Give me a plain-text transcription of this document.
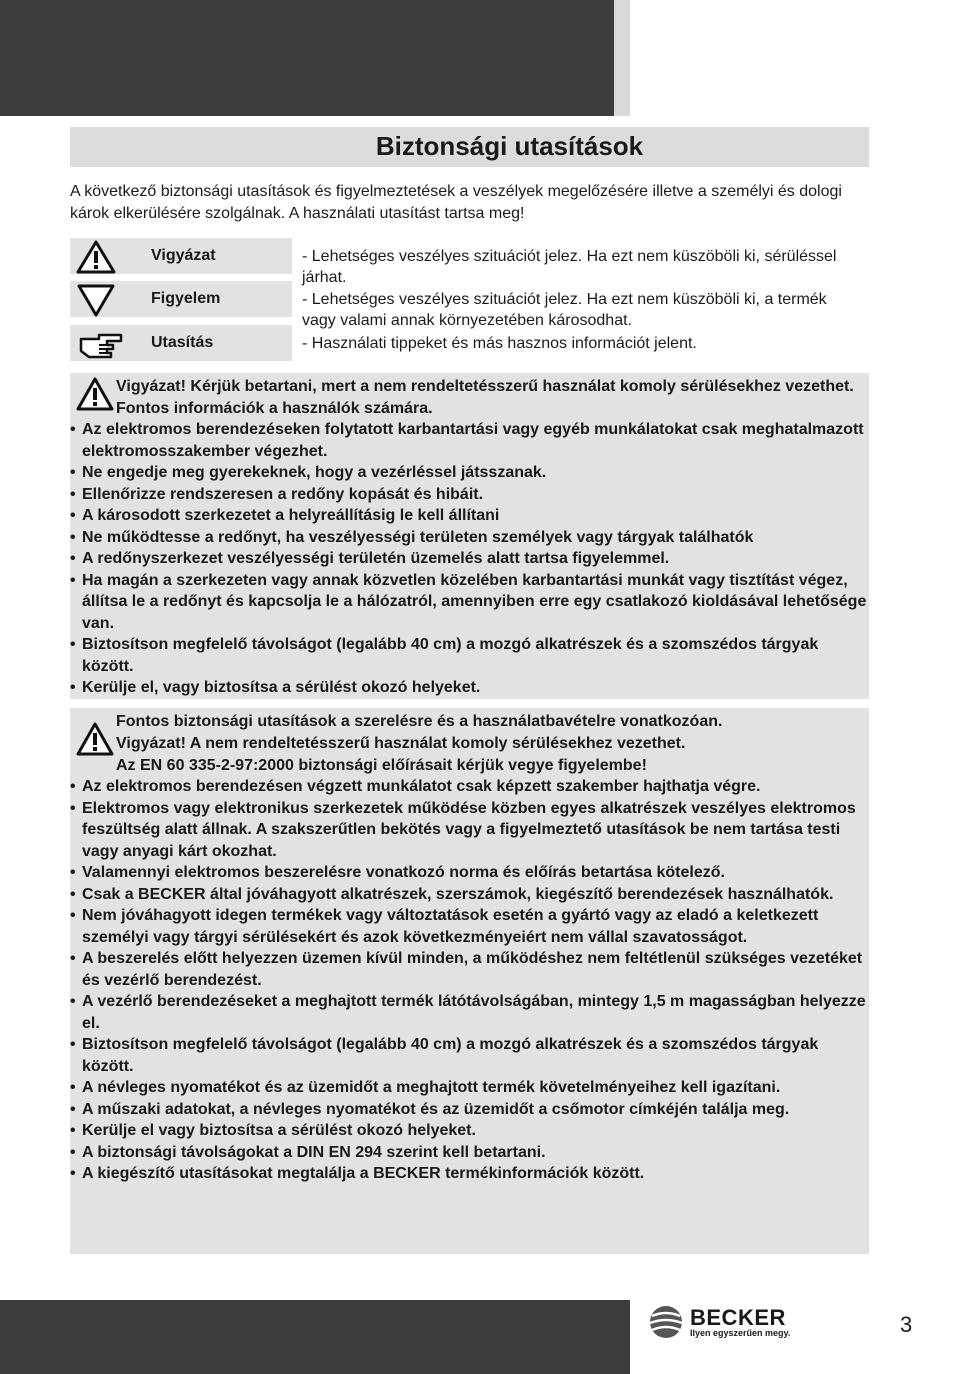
Biztonsági utasítások

A következő biztonsági utasítások és figyelmeztetések a veszélyek megelőzésére illetve a személyi és dologi károk elkerülésére szolgálnak. A használati utasítást tartsa meg!

Vigyázat	- Lehetséges veszélyes szituációt jelez. Ha ezt nem küszöböli ki, sérüléssel járhat.
Figyelem	- Lehetséges veszélyes szituációt jelez. Ha ezt nem küszöböli ki, a termék vagy valami annak környezetében károsodhat.
Utasítás	- Használati tippeket és más hasznos információt jelent.
Vigyázat! Kérjük betartani, mert a nem rendeltetésszerű használat komoly sérülésekhez vezethet. Fontos információk a használók számára.
• Az elektromos berendezéseken folytatott karbantartási vagy egyéb munkálatokat csak meghatalmazott elektromosszakember végezhet.
• Ne engedje meg gyerekeknek, hogy a vezérléssel játsszanak.
• Ellenőrizze rendszeresen a redőny kopását és hibáit.
• A károsodott szerkezetet a helyreállításig le kell állítani
• Ne működtesse a redőnyt, ha veszélyességi területen személyek vagy tárgyak találhatók
• A redőnyszerkezet veszélyességi területén üzemelés alatt tartsa figyelemmel.
• Ha magán a szerkezeten vagy annak közvetlen közelében karbantartási munkát vagy tisztítást végez, állítsa le a redőnyt és kapcsolja le a hálózatról, amennyiben erre egy csatlakozó kioldásával lehetősége van.
• Biztosítson megfelelő távolságot (legalább 40 cm) a mozgó alkatrészek és a szomszédos tárgyak között.
• Kerülje el, vagy biztosítsa a sérülést okozó helyeket.
Fontos biztonsági utasítások a szerelésre és a használatbavételre vonatkozóan.
Vigyázat! A nem rendeltetésszerű használat komoly sérülésekhez vezethet.
Az EN 60 335-2-97:2000 biztonsági előírásait kérjük vegye figyelembe!
• Az elektromos berendezésen végzett munkálatot csak képzett szakember hajthatja végre.
• Elektromos vagy elektronikus szerkezetek működése közben egyes alkatrészek veszélyes elektromos feszültség alatt állnak. A szakszerűtlen bekötés vagy a figyelmeztető utasítások be nem tartása testi vagy anyagi kárt okozhat.
• Valamennyi elektromos beszerelésre vonatkozó norma és előírás betartása kötelező.
• Csak a BECKER által jóváhagyott alkatrészek, szerszámok, kiegészítő berendezések használhatók.
• Nem jóváhagyott idegen termékek vagy változtatások esetén a gyártó vagy az eladó a keletkezett személyi vagy tárgyi sérülésekért és azok következményeiért nem vállal szavatosságot.
• A beszerelés előtt helyezzen üzemen kívül minden, a működéshez nem feltétlenül szükséges vezetéket és vezérlő berendezést.
• A vezérlő berendezéseket a meghajtott termék látótávolságában, mintegy 1,5 m magasságban helyezze el.
• Biztosítson megfelelő távolságot (legalább 40 cm) a mozgó alkatrészek és a szomszédos tárgyak között.
• A névleges nyomatékot és az üzemidőt a meghajtott termék követelményeihez kell igazítani.
• A műszaki adatokat, a névleges nyomatékot és az üzemidőt a csőmotor címkéjén találja meg.
• Kerülje el vagy biztosítsa a sérülést okozó helyeket.
• A biztonsági távolságokat a DIN EN 294 szerint kell betartani.
• A kiegészítő utasításokat megtalálja a BECKER termékinformációk között.
BECKER
Ilyen egyszerűen megy.	3
